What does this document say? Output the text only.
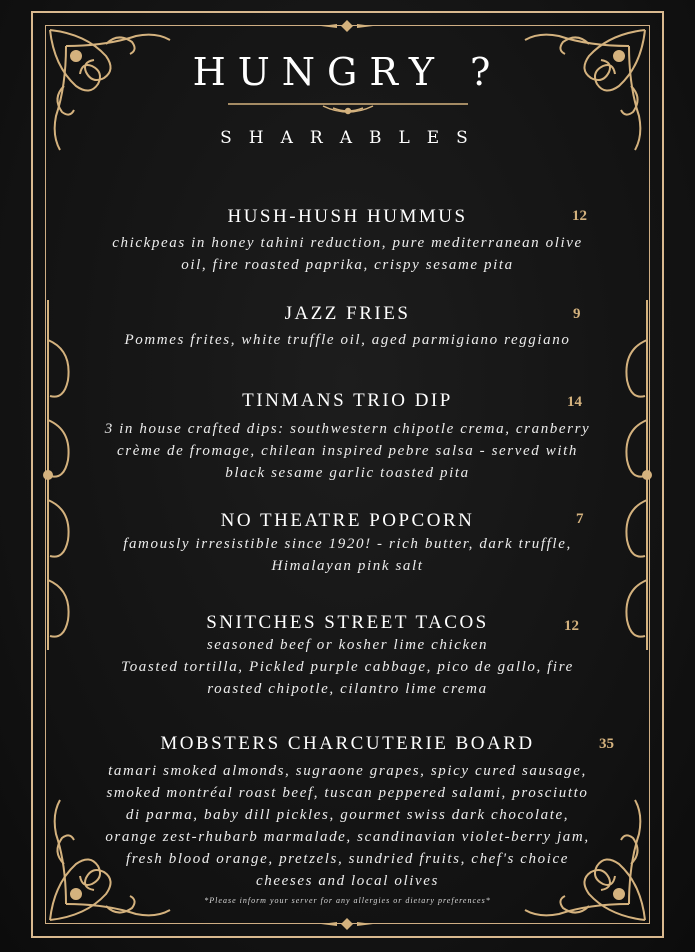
HUNGRY ?
SHARABLES
HUSH-HUSH HUMMUS	12
chickpeas in honey tahini reduction, pure mediterranean olive
oil, fire roasted paprika, crispy sesame pita
JAZZ FRIES	9
Pommes frites, white truffle oil, aged parmigiano reggiano
TINMANS TRIO DIP	14
3 in house crafted dips: southwestern chipotle crema, cranberry
crème de fromage, chilean inspired pebre salsa - served with
black sesame garlic toasted pita
NO THEATRE POPCORN	7
famously irresistible since 1920! - rich butter, dark truffle,
Himalayan pink salt
SNITCHES STREET TACOS	12
seasoned beef or kosher lime chicken
Toasted tortilla, Pickled purple cabbage, pico de gallo, fire
roasted chipotle, cilantro lime crema
MOBSTERS CHARCUTERIE BOARD	35
tamari smoked almonds, sugraone grapes, spicy cured sausage,
smoked montréal roast beef, tuscan peppered salami, prosciutto
di parma, baby dill pickles, gourmet swiss dark chocolate,
orange zest-rhubarb marmalade, scandinavian violet-berry jam,
fresh blood orange, pretzels, sundried fruits, chef's choice
cheeses and local olives
*Please inform your server for any allergies or dietary preferences*
